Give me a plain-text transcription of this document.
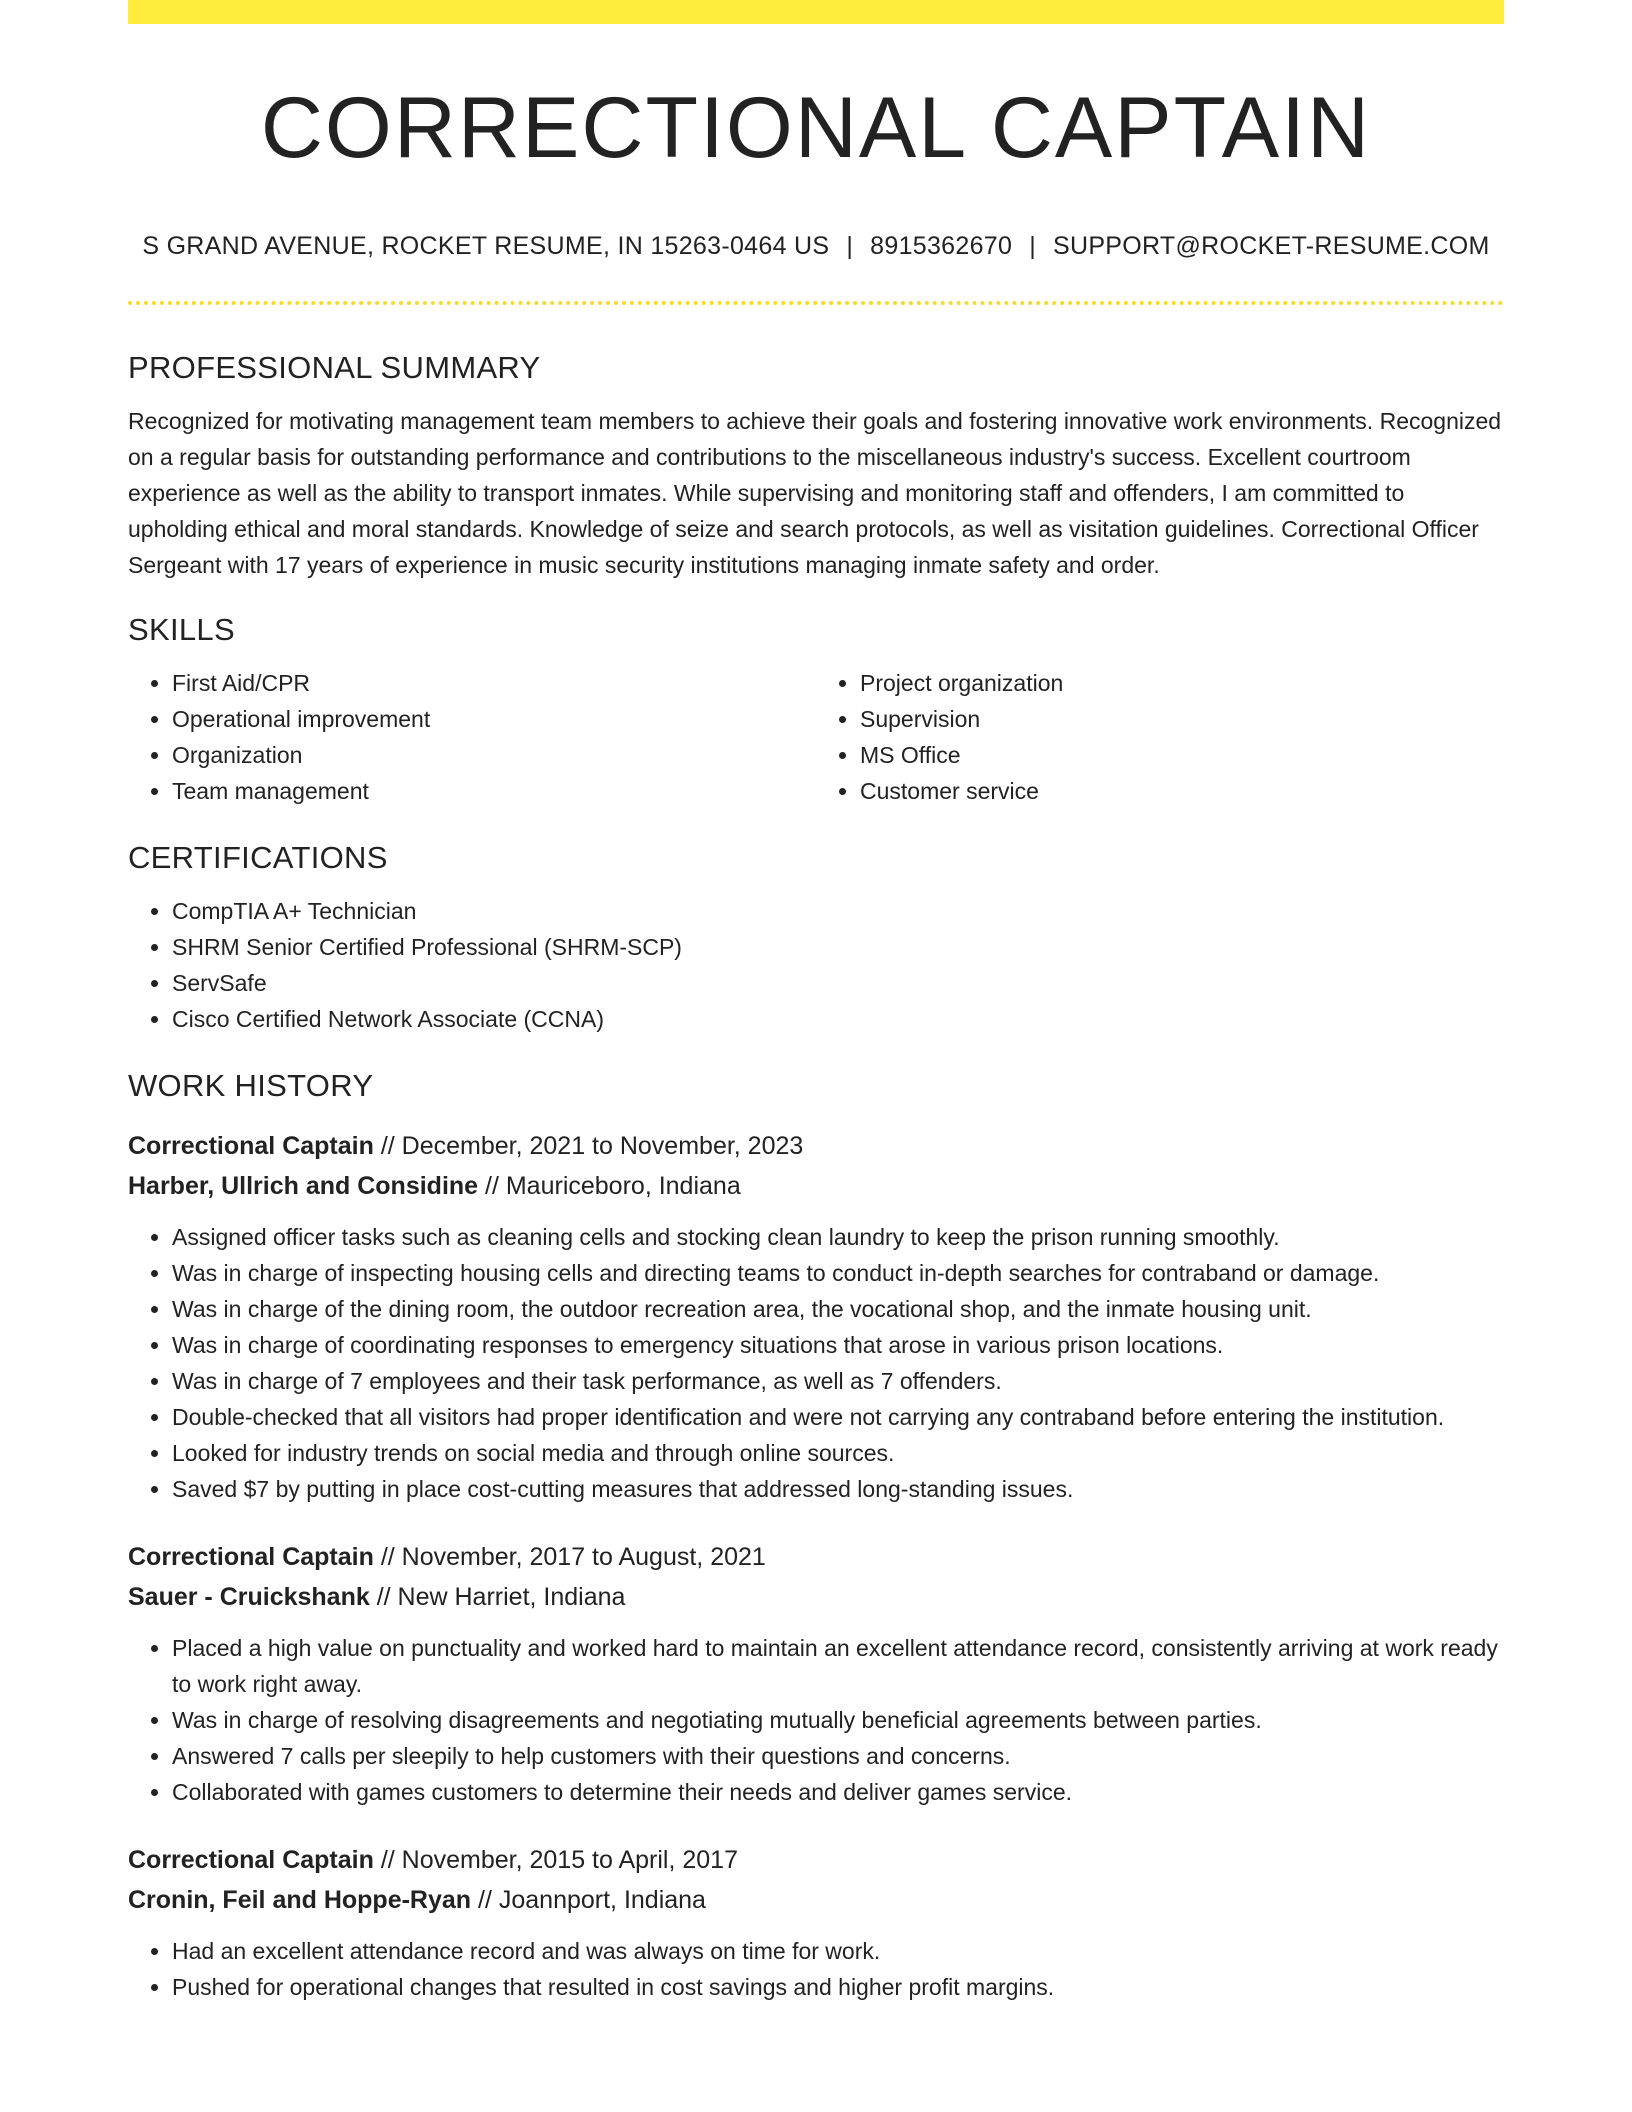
CORRECTIONAL CAPTAIN
S GRAND AVENUE, ROCKET RESUME, IN 15263-0464 US | 8915362670 | SUPPORT@ROCKET-RESUME.COM
PROFESSIONAL SUMMARY

Recognized for motivating management team members to achieve their goals and fostering innovative work environments. Recognized on a regular basis for outstanding performance and contributions to the miscellaneous industry's success. Excellent courtroom experience as well as the ability to transport inmates. While supervising and monitoring staff and offenders, I am committed to upholding ethical and moral standards. Knowledge of seize and search protocols, as well as visitation guidelines. Correctional Officer Sergeant with 17 years of experience in music security institutions managing inmate safety and order.

SKILLS
• First Aid/CPR
• Operational improvement
• Organization
• Team management
• Project organization
• Supervision
• MS Office
• Customer service
CERTIFICATIONS
• CompTIA A+ Technician
• SHRM Senior Certified Professional (SHRM-SCP)
• ServSafe
• Cisco Certified Network Associate (CCNA)
WORK HISTORY
Correctional Captain // December, 2021 to November, 2023
Harber, Ullrich and Considine // Mauriceboro, Indiana
• Assigned officer tasks such as cleaning cells and stocking clean laundry to keep the prison running smoothly.
• Was in charge of inspecting housing cells and directing teams to conduct in-depth searches for contraband or damage.
• Was in charge of the dining room, the outdoor recreation area, the vocational shop, and the inmate housing unit.
• Was in charge of coordinating responses to emergency situations that arose in various prison locations.
• Was in charge of 7 employees and their task performance, as well as 7 offenders.
• Double-checked that all visitors had proper identification and were not carrying any contraband before entering the institution.
• Looked for industry trends on social media and through online sources.
• Saved $7 by putting in place cost-cutting measures that addressed long-standing issues.
Correctional Captain // November, 2017 to August, 2021
Sauer - Cruickshank // New Harriet, Indiana
• Placed a high value on punctuality and worked hard to maintain an excellent attendance record, consistently arriving at work ready to work right away.
• Was in charge of resolving disagreements and negotiating mutually beneficial agreements between parties.
• Answered 7 calls per sleepily to help customers with their questions and concerns.
• Collaborated with games customers to determine their needs and deliver games service.
Correctional Captain // November, 2015 to April, 2017
Cronin, Feil and Hoppe-Ryan // Joannport, Indiana
• Had an excellent attendance record and was always on time for work.
• Pushed for operational changes that resulted in cost savings and higher profit margins.
